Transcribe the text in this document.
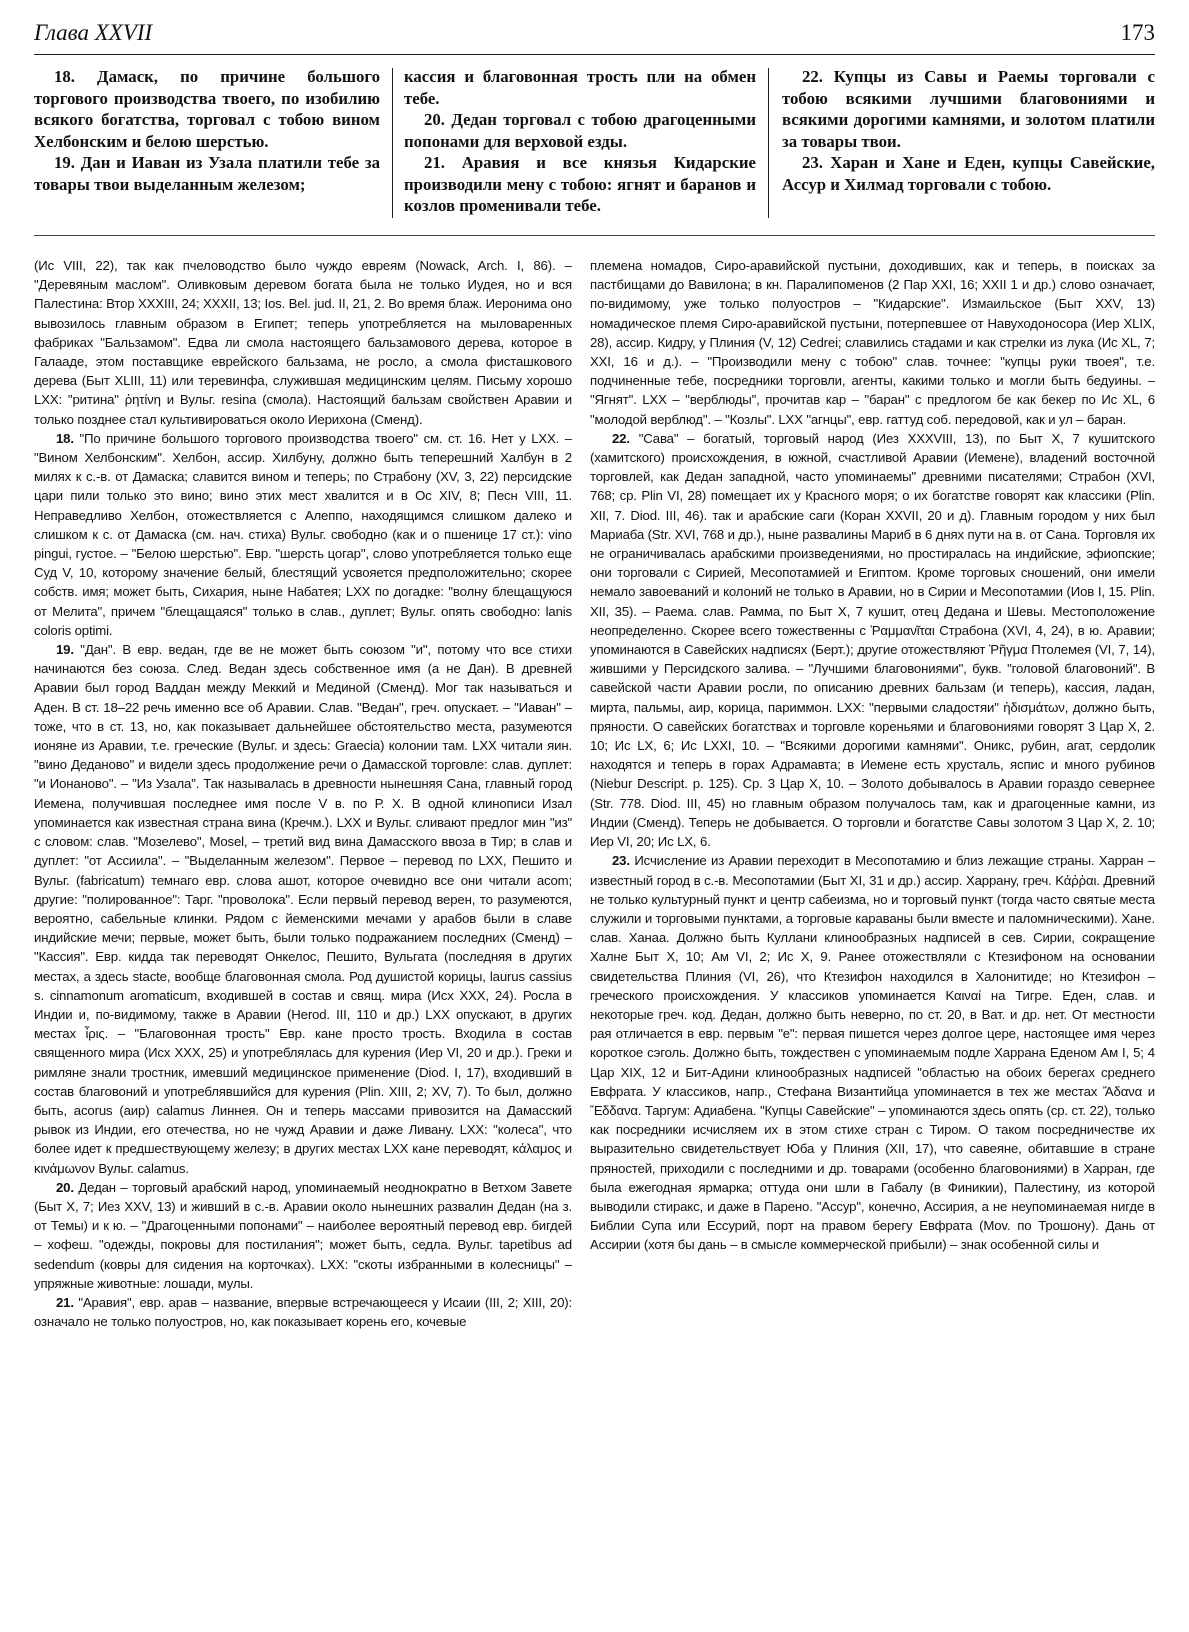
Глава XXVII	173

18. Дамаск, по причине большого торгового производства твоего, по изобилию всякого богатства, торговал с тобою вином Хелбонским и белою шерстью.

19. Дан и Иаван из Узала платили тебе за товары твои выделанным железом;

кассия и благовонная трость пли на обмен тебе.

20. Дедан торговал с тобою драгоценными попонами для верховой езды.

21. Аравия и все князья Кидарские производили мену с тобою: ягнят и баранов и козлов променивали тебе.

22. Купцы из Савы и Раемы торговали с тобою всякими лучшими благовониями и всякими дорогими камнями, и золотом платили за товары твои.

23. Харан и Хане и Еден, купцы Савейские, Ассур и Хилмад торговали с тобою.

(Ис VIII, 22), так как пчеловодство было чуждо евреям (Nowack, Arch. I, 86). – "Деревяным маслом". Оливковым деревом богата была не только Иудея, но и вся Палестина: Втор XXXIII, 24; XXXII, 13; Ios. Bel. jud. II, 21, 2. Во время блаж. Иеронима оно вывозилось главным образом в Египет; теперь употребляется на мыловаренных фабриках "Бальзамом". Едва ли смола настоящего бальзамового дерева, которое в Галааде, этом поставщике еврейского бальзама, не росло, а смола фисташкового дерева (Быт XLIII, 11) или теревинфа, служившая медицинским целям. Письму хорошо LXX: "ритина" ῥητίνη и Вульг. resina (смола). Настоящий бальзам свойствен Аравии и только позднее стал культивироваться около Иерихона (Сменд).

18. "По причине большого торгового производства твоего" см. ст. 16. Нет у LXX. – "Вином Хелбонским". Хелбон, ассир. Хилбуну, должно быть теперешний Халбун в 2 милях к с.-в. от Дамаска; славится вином и теперь; по Страбону (XV, 3, 22) персидские цари пили только это вино; вино этих мест хвалится и в Ос XIV, 8; Песн VIII, 11. Неправедливо Хелбон, отожествляется с Алеппо, находящимся слишком далеко и слишком к с. от Дамаска (см. нач. стиха) Вульг. свободно (как и о пшенице 17 ст.): vino pingui, густое. – "Белою шерстью". Евр. "шерсть цогар", слово употребляется только еще Суд V, 10, которому значение белый, блестящий усвояется предположительно; скорее собств. имя; может быть, Сихария, ныне Набатея; LXX по догадке: "волну блещащуюся от Мелита", причем "блещащаяся" только в слав., дуплет; Вульг. опять свободно: lanis coloris optimi.

19. "Дан". В евр. ведан, где ве не может быть союзом "и", потому что все стихи начинаются без союза. След. Ведан здесь собственное имя (а не Дан). В древней Аравии был город Ваддан между Меккий и Мединой (Сменд). Мог так называться и Аден. В ст. 18–22 речь именно все об Аравии. Слав. "Ведан", греч. опускает. – "Иаван" – тоже, что в ст. 13, но, как показывает дальнейшее обстоятельство места, разумеются ионяне из Аравии, т.е. греческие (Вульг. и здесь: Graecia) колонии там. LXX читали яин. "вино Деданово" и видели здесь продолжение речи о Дамасской торговле: слав. дуплет: "и Ионаново". – "Из Узала". Так называлась в древности нынешняя Сана, главный город Иемена, получившая последнее имя после V в. по Р. Х. В одной клинописи Изал упоминается как известная страна вина (Кречм.). LXX и Вульг. сливают предлог мин "из" с словом: слав. "Мозелево", Mosel, – третий вид вина Дамасского ввоза в Тир; в слав и дуплет: "от Ассиила". – "Выделанным железом". Первое – перевод по LXX, Пешито и Вульг. (fabricatum) темнаго евр. слова ашот, которое очевидно все они читали acom; другие: "полированное": Тарг. "проволока". Если первый перевод верен, то разумеются, вероятно, сабельные клинки. Рядом с йеменскими мечами у арабов были в славе индийские мечи; первые, может быть, были только подражанием последних (Сменд) – "Кассия". Евр. кидда так переводят Онкелос, Пешито, Вульгата (последняя в других местах, а здесь stacte, вообще благовонная смола. Род душистой корицы, laurus cassius s. cinnamonum aromaticum, входившей в состав и свящ. мира (Исх XXX, 24). Росла в Индии и, по-видимому, также в Аравии (Herod. III, 110 и др.) LXX опускают, в других местах ἶρις. – "Благовонная трость" Евр. кане просто трость. Входила в состав священного мира (Исх XXX, 25) и употреблялась для курения (Иер VI, 20 и др.). Греки и римляне знали тростник, имевший медицинское применение (Diod. I, 17), входивший в состав благовоний и употреблявшийся для курения (Plin. XIII, 2; XV, 7). То был, должно быть, acorus (аир) calamus Линнея. Он и теперь массами привозится на Дамасский рывок из Индии, его отечества, но не чужд Аравии и даже Ливану. LXX: "колеса", что более идет к предшествующему железу; в других местах LXX кане переводят, κάλαμος и κινάμωνον Вульг. calamus.

20. Дедан – торговый арабский народ, упоминаемый неоднократно в Ветхом Завете (Быт X, 7; Иез XXV, 13) и живший в с.-в. Аравии около нынешних развалин Дедан (на з. от Темы) и к ю. – "Драгоценными попонами" – наиболее вероятный перевод евр. бигдей – хофеш. "одежды, покровы для постилания"; может быть, седла. Вульг. tapetibus ad sedendum (ковры для сидения на корточках). LXX: "скоты избранными в колесницы" – упряжные животные: лошади, мулы.

21. "Аравия", евр. арав – название, впервые встречающееся у Исаии (III, 2; XIII, 20): означало не только полуостров, но, как показывает корень его, кочевые

племена номадов, Сиро-аравийской пустыни, доходивших, как и теперь, в поисках за пастбищами до Вавилона; в кн. Паралипоменов (2 Пар XXI, 16; XXII 1 и др.) слово означает, по-видимому, уже только полуостров – "Кидарские". Измаильское (Быт XXV, 13) номадическое племя Сиро-аравийской пустыни, потерпевшее от Навуходоносора (Иер XLIX, 28), ассир. Кидру, у Плиния (V, 12) Cedrei; славились стадами и как стрелки из лука (Ис XL, 7; XXI, 16 и д.). – "Производили мену с тобою" слав. точнее: "купцы руки твоея", т.е. подчиненные тебе, посредники торговли, агенты, какими только и могли быть бедуины. – "Ягнят". LXX – "верблюды", прочитав кар – "баран" с предлогом бе как бекер по Ис XL, 6 "молодой верблюд". – "Козлы". LXX "агнцы", евр. гаттуд соб. передовой, как и ул – баран.

22. "Сава" – богатый, торговый народ (Иез XXXVIII, 13), по Быт X, 7 кушитского (хамитского) происхождения, в южной, счастливой Аравии (Иемене), владений восточной торговлей, как Дедан западной, часто упоминаемы" древними писателями; Страбон (XVI, 768; ср. Plin VI, 28) помещает их у Красного моря; о их богатстве говорят как классики (Plin. XII, 7. Diod. III, 46). так и арабские саги (Коран XXVII, 20 и д). Главным городом у них был Мариаба (Str. XVI, 768 и др.), ныне развалины Мариб в 6 днях пути на в. от Сана. Торговля их не ограничивалась арабскими произведениями, но простиралась на индийские, эфиопские; они торговали с Сирией, Месопотамией и Египтом. Кроме торговых сношений, они имели немало завоеваний и колоний не только в Аравии, но в Сирии и Месопотамии (Иов I, 15. Plin. XII, 35). – Раема. слав. Рамма, по Быт X, 7 кушит, отец Дедана и Шевы. Местоположение неопределенно. Скорее всего тожественны с Ῥαμμανῖται Страбона (XVI, 4, 24), в ю. Аравии; упоминаются в Савейских надписях (Берт.); другие отожествляют Ῥῆγμα Птолемея (VI, 7, 14), жившими у Персидского залива. – "Лучшими благовониями", букв. "головой благовоний". В савейской части Аравии росли, по описанию древних бальзам (и теперь), кассия, ладан, мирта, пальмы, аир, корица, париммон. LXX: "первыми сладостяи" ἡδισμάτων, должно быть, пряности. О савейских богатствах и торговле кореньями и благовониями говорят 3 Цар X, 2. 10; Ис LX, 6; Ис LXXI, 10. – "Всякими дорогими камнями". Оникс, рубин, агат, сердолик находятся и теперь в горах Адрамавта; в Иемене есть хрусталь, яспис и много рубинов (Niebur Descript. p. 125). Ср. 3 Цар X, 10. – Золото добывалось в Аравии гораздо севернее (Str. 778. Diod. III, 45) но главным образом получалось там, как и драгоценные камни, из Индии (Сменд). Теперь не добывается. О торговли и богатстве Савы золотом 3 Цар X, 2. 10; Иер VI, 20; Ис LX, 6.

23. Исчисление из Аравии переходит в Месопотамию и близ лежащие страны. Харран – известный город в с.-в. Месопотамии (Быт XI, 31 и др.) ассир. Харрану, греч. Κάῤῥαι. Древний не только культурный пункт и центр сабеизма, но и торговый пункт (тогда часто святые места служили и торговыми пунктами, а торговые караваны были вместе и паломническими). Хане. слав. Ханаа. Должно быть Куллани клинообразных надписей в сев. Сирии, сокращение Халне Быт X, 10; Ам VI, 2; Ис X, 9. Ранее отожествляли с Ктезифоном на основании свидетельства Плиния (VI, 26), что Ктезифон находился в Халонитиде; но Ктезифон – греческого происхождения. У классиков упоминается Καιναί на Тигре. Еден, слав. и некоторые греч. код. Дедан, должно быть неверно, по ст. 20, в Ват. и др. нет. От местности рая отличается в евр. первым "е": первая пишется через долгое цере, настоящее имя через короткое сэголь. Должно быть, тождествен с упоминаемым подле Харрана Еденом Ам I, 5; 4 Цар XIX, 12 и Бит-Адини клинообразных надписей "областью на обоих берегах среднего Евфрата. У классиков, напр., Стефана Византийца упоминается в тех же местах Ἄδανα и Ἔδδανα. Таргум: Адиабена. "Купцы Савейские" – упоминаются здесь опять (ср. ст. 22), только как посредники исчисляем их в этом стихе стран с Тиром. О таком посредничестве их выразительно свидетельствует Юба у Плиния (XII, 17), что савеяне, обитавшие в стране пряностей, приходили с последними и др. товарами (особенно благовониями) в Харран, где была ежегодная ярмарка; оттуда они шли в Габалу (в Финикии), Палестину, из которой выводили стиракс, и даже в Парено. "Ассур", конечно, Ассирия, а не неупоминаемая нигде в Библии Супа или Ессурий, порт на правом берегу Евфрата (Mov. по Трошону). Дань от Ассирии (хотя бы дань – в смысле коммерческой прибыли) – знак особенной силы и
